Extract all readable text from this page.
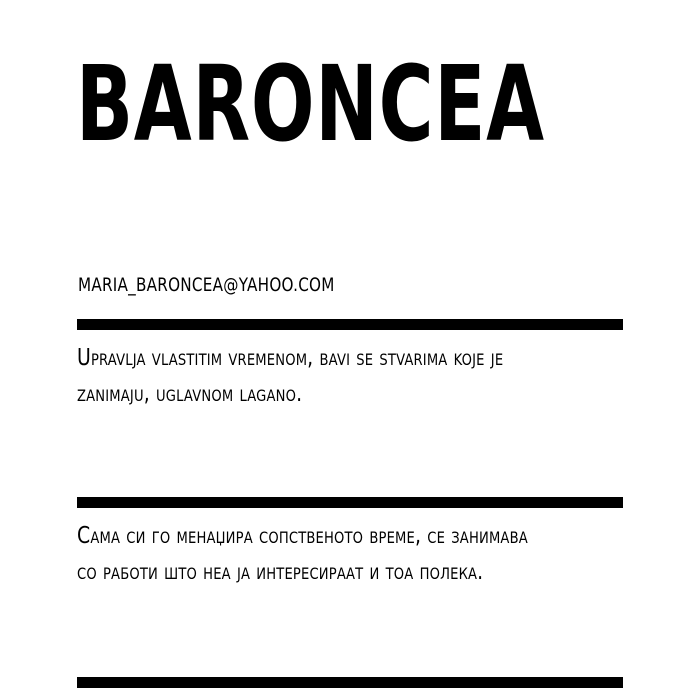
BARONCEA
MARIA_BARONCEA@YAHOO.COM

Upravlja vlastitim vremenom, bavi se stvarima koje je
zanimaju, uglavnom lagano.

Сама си го менаџира сопственото време, се занимава
со работи што неа ја интересираат и тоа полека.
